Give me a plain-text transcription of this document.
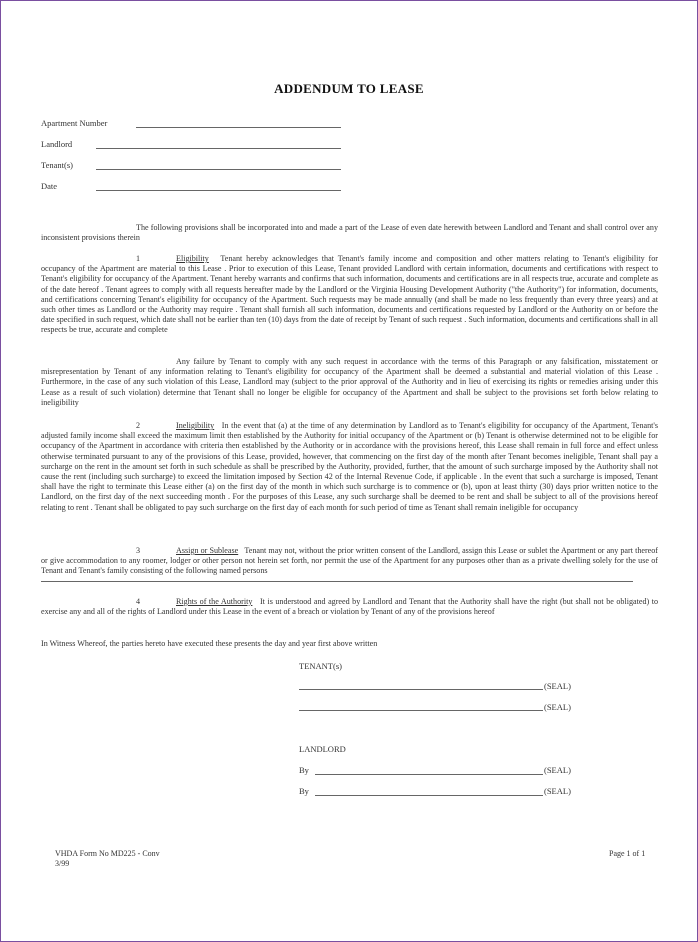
ADDENDUM TO LEASE
Apartment Number
Landlord
Tenant(s)
Date
The following provisions shall be incorporated into and made a part of the Lease of even date herewith between Landlord and Tenant and shall control over any inconsistent provisions therein
1	Eligibility Tenant hereby acknowledges that Tenant's family income and composition and other matters relating to Tenant's eligibility for occupancy of the Apartment are material to this Lease . Prior to execution of this Lease, Tenant provided Landlord with certain information, documents and certifications with respect to Tenant's eligibility for occupancy of the Apartment. Tenant hereby warrants and confirms that such information, documents and certifications are in all respects true, accurate and complete as of the date hereof . Tenant agrees to comply with all requests hereafter made by the Landlord or the Virginia Housing Development Authority ("the Authority") for information, documents, and certifications concerning Tenant's eligibility for occupancy of the Apartment. Such requests may be made annually (and shall be made no less frequently than every three years) and at such other times as Landlord or the Authority may require . Tenant shall furnish all such information, documents and certifications requested by Landlord or the Authority on or before the date specified in such request, which date shall not be earlier than ten (10) days from the date of receipt by Tenant of such request . Such information, documents and certifications shall in all respects be true, accurate and complete
Any failure by Tenant to comply with any such request in accordance with the terms of this Paragraph or any falsification, misstatement or misrepresentation by Tenant of any information relating to Tenant's eligibility for occupancy of the Apartment shall be deemed a substantial and material violation of this Lease . Furthermore, in the case of any such violation of this Lease, Landlord may (subject to the prior approval of the Authority and in lieu of exercising its rights or remedies arising under this Lease as a result of such violation) determine that Tenant shall no longer be eligible for occupancy of the Apartment and shall be subject to the provisions set forth below relating to ineligibility
2	Ineligibility In the event that (a) at the time of any determination by Landlord as to Tenant's eligibility for occupancy of the Apartment, Tenant's adjusted family income shall exceed the maximum limit then established by the Authority for initial occupancy of the Apartment or (b) Tenant is otherwise determined not to be eligible for occupancy of the Apartment in accordance with criteria then established by the Authority or in accordance with the provisions hereof, this Lease shall remain in full force and effect unless otherwise terminated pursuant to any of the provisions of this Lease, provided, however, that commencing on the first day of the month after Tenant becomes ineligible, Tenant shall pay a surcharge on the rent in the amount set forth in such schedule as shall be prescribed by the Authority, provided, further, that the amount of such surcharge imposed by the Authority shall not cause the rent (including such surcharge) to exceed the limitation imposed by Section 42 of the Internal Revenue Code, if applicable . In the event that such a surcharge is imposed, Tenant shall have the right to terminate this Lease either (a) on the first day of the month in which such surcharge is to commence or (b), upon at least thirty (30) days prior written notice to the Landlord, on the first day of the next succeeding month . For the purposes of this Lease, any such surcharge shall be deemed to be rent and shall be subject to all of the provisions hereof relating to rent . Tenant shall be obligated to pay such surcharge on the first day of each month for such period of time as Tenant shall remain ineligible for occupancy
3	Assign or Sublease Tenant may not, without the prior written consent of the Landlord, assign this Lease or sublet the Apartment or any part thereof or give accommodation to any roomer, lodger or other person not herein set forth, nor permit the use of the Apartment for any purposes other than as a private dwelling solely for the use of Tenant and Tenant's family consisting of the following named persons
4	Rights of the Authority It is understood and agreed by Landlord and Tenant that the Authority shall have the right (but shall not be obligated) to exercise any and all of the rights of Landlord under this Lease in the event of a breach or violation by Tenant of any of the provisions hereof
In Witness Whereof, the parties hereto have executed these presents the day and year first above written
TENANT(s)
(SEAL)
(SEAL)
LANDLORD
By	(SEAL)
By	(SEAL)
VHDA Form No MD225 - Conv
3/99
Page 1 of 1
